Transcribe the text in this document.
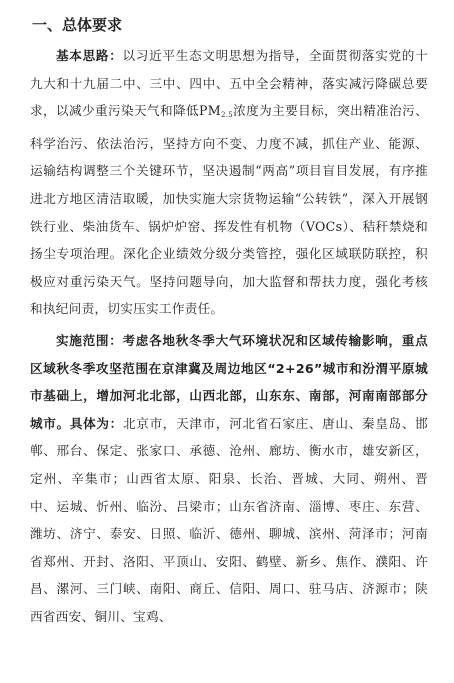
一、总体要求

基本思路：以习近平生态文明思想为指导，全面贯彻落实党的十九大和十九届二中、三中、四中、五中全会精神，落实减污降碳总要求，以减少重污染天气和降低PM2.5浓度为主要目标，突出精准治污、科学治污、依法治污，坚持方向不变、力度不减，抓住产业、能源、运输结构调整三个关键环节，坚决遏制“两高”项目盲目发展，有序推进北方地区清洁取暖，加快实施大宗货物运输“公转铁”，深入开展钢铁行业、柴油货车、锅炉炉窑、挥发性有机物（VOCs）、秸秆禁烧和扬尘专项治理。深化企业绩效分级分类管控，强化区域联防联控，积极应对重污染天气。坚持问题导向，加大监督和帮扶力度，强化考核和执纪问责，切实压实工作责任。

实施范围：考虑各地秋冬季大气环境状况和区域传输影响，重点区域秋冬季攻坚范围在京津冀及周边地区“2+26”城市和汾渭平原城市基础上，增加河北北部，山西北部，山东东、南部，河南南部部分城市。具体为：北京市，天津市，河北省石家庄、唐山、秦皇岛、邯郸、邢台、保定、张家口、承德、沧州、廊坊、衡水市，雄安新区，定州、辛集市；山西省太原、阳泉、长治、晋城、大同、朔州、晋中、运城、忻州、临汾、吕梁市；山东省济南、淄博、枣庄、东营、潍坊、济宁、泰安、日照、临沂、德州、聊城、滨州、菏泽市；河南省郑州、开封、洛阳、平顶山、安阳、鹤壁、新乡、焦作、濮阳、许昌、漯河、三门峡、南阳、商丘、信阳、周口、驻马店、济源市；陕西省西安、铜川、宝鸡、
